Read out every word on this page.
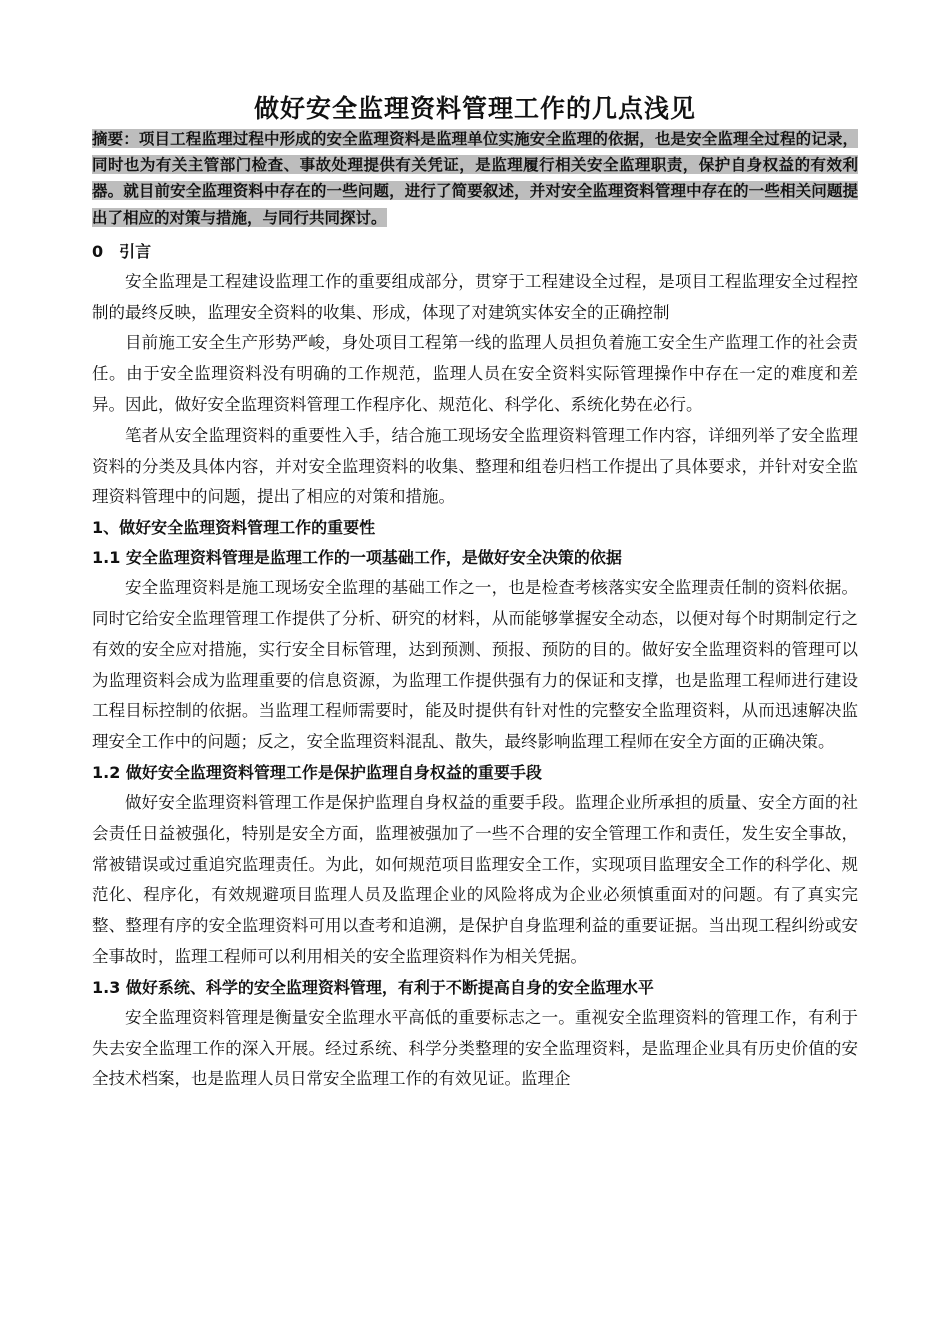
做好安全监理资料管理工作的几点浅见

摘要：项目工程监理过程中形成的安全监理资料是监理单位实施安全监理的依据，也是安全监理全过程的记录，同时也为有关主管部门检查、事故处理提供有关凭证，是监理履行相关安全监理职责，保护自身权益的有效利器。就目前安全监理资料中存在的一些问题，进行了简要叙述，并对安全监理资料管理中存在的一些相关问题提出了相应的对策与措施，与同行共同探讨。

0　引言

安全监理是工程建设监理工作的重要组成部分，贯穿于工程建设全过程，是项目工程监理安全过程控制的最终反映，监理安全资料的收集、形成，体现了对建筑实体安全的正确控制

目前施工安全生产形势严峻，身处项目工程第一线的监理人员担负着施工安全生产监理工作的社会责任。由于安全监理资料没有明确的工作规范，监理人员在安全资料实际管理操作中存在一定的难度和差异。因此，做好安全监理资料管理工作程序化、规范化、科学化、系统化势在必行。

笔者从安全监理资料的重要性入手，结合施工现场安全监理资料管理工作内容，详细列举了安全监理资料的分类及具体内容，并对安全监理资料的收集、整理和组卷归档工作提出了具体要求，并针对安全监理资料管理中的问题，提出了相应的对策和措施。

1、做好安全监理资料管理工作的重要性

1.1 安全监理资料管理是监理工作的一项基础工作，是做好安全决策的依据

安全监理资料是施工现场安全监理的基础工作之一，也是检查考核落实安全监理责任制的资料依据。同时它给安全监理管理工作提供了分析、研究的材料，从而能够掌握安全动态，以便对每个时期制定行之有效的安全应对措施，实行安全目标管理，达到预测、预报、预防的目的。做好安全监理资料的管理可以为监理资料会成为监理重要的信息资源，为监理工作提供强有力的保证和支撑，也是监理工程师进行建设工程目标控制的依据。当监理工程师需要时，能及时提供有针对性的完整安全监理资料，从而迅速解决监理安全工作中的问题；反之，安全监理资料混乱、散失，最终影响监理工程师在安全方面的正确决策。

1.2 做好安全监理资料管理工作是保护监理自身权益的重要手段

做好安全监理资料管理工作是保护监理自身权益的重要手段。监理企业所承担的质量、安全方面的社会责任日益被强化，特别是安全方面，监理被强加了一些不合理的安全管理工作和责任，发生安全事故，常被错误或过重追究监理责任。为此，如何规范项目监理安全工作，实现项目监理安全工作的科学化、规范化、程序化，有效规避项目监理人员及监理企业的风险将成为企业必须慎重面对的问题。有了真实完整、整理有序的安全监理资料可用以查考和追溯，是保护自身监理利益的重要证据。当出现工程纠纷或安全事故时，监理工程师可以利用相关的安全监理资料作为相关凭据。

1.3 做好系统、科学的安全监理资料管理，有利于不断提高自身的安全监理水平

安全监理资料管理是衡量安全监理水平高低的重要标志之一。重视安全监理资料的管理工作，有利于失去安全监理工作的深入开展。经过系统、科学分类整理的安全监理资料，是监理企业具有历史价值的安全技术档案，也是监理人员日常安全监理工作的有效见证。监理企
